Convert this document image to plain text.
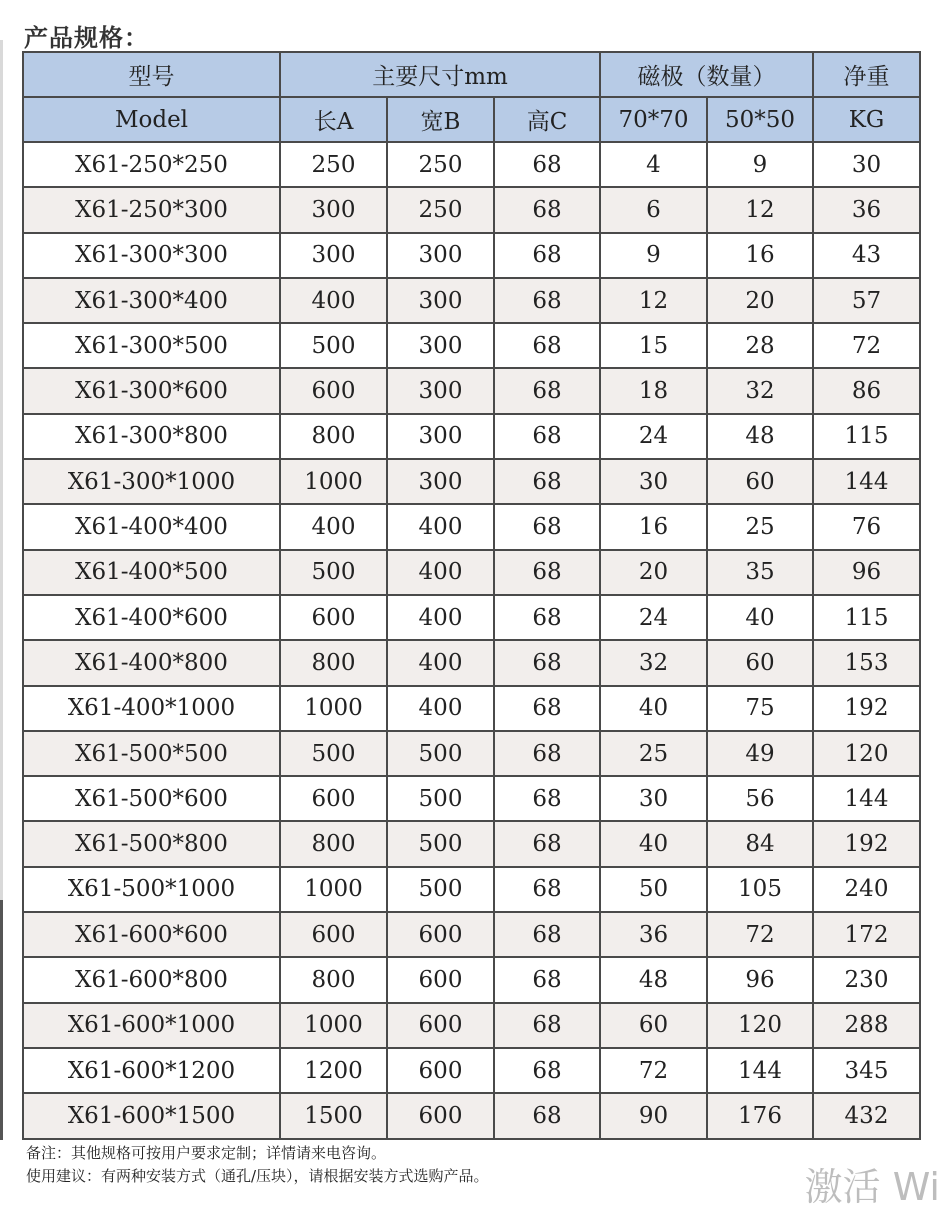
产品规格：
型号	主要尺寸mm			磁极（数量）		净重
Model	长A	宽B	高C	70*70	50*50	KG
X61-250*250	250	250	68	4	9	30
X61-250*300	300	250	68	6	12	36
X61-300*300	300	300	68	9	16	43
X61-300*400	400	300	68	12	20	57
X61-300*500	500	300	68	15	28	72
X61-300*600	600	300	68	18	32	86
X61-300*800	800	300	68	24	48	115
X61-300*1000	1000	300	68	30	60	144
X61-400*400	400	400	68	16	25	76
X61-400*500	500	400	68	20	35	96
X61-400*600	600	400	68	24	40	115
X61-400*800	800	400	68	32	60	153
X61-400*1000	1000	400	68	40	75	192
X61-500*500	500	500	68	25	49	120
X61-500*600	600	500	68	30	56	144
X61-500*800	800	500	68	40	84	192
X61-500*1000	1000	500	68	50	105	240
X61-600*600	600	600	68	36	72	172
X61-600*800	800	600	68	48	96	230
X61-600*1000	1000	600	68	60	120	288
X61-600*1200	1200	600	68	72	144	345
X61-600*1500	1500	600	68	90	176	432
备注：其他规格可按用户要求定制；详情请来电咨询。
使用建议：有两种安装方式（通孔/压块），请根据安装方式选购产品。	激活 Wi
